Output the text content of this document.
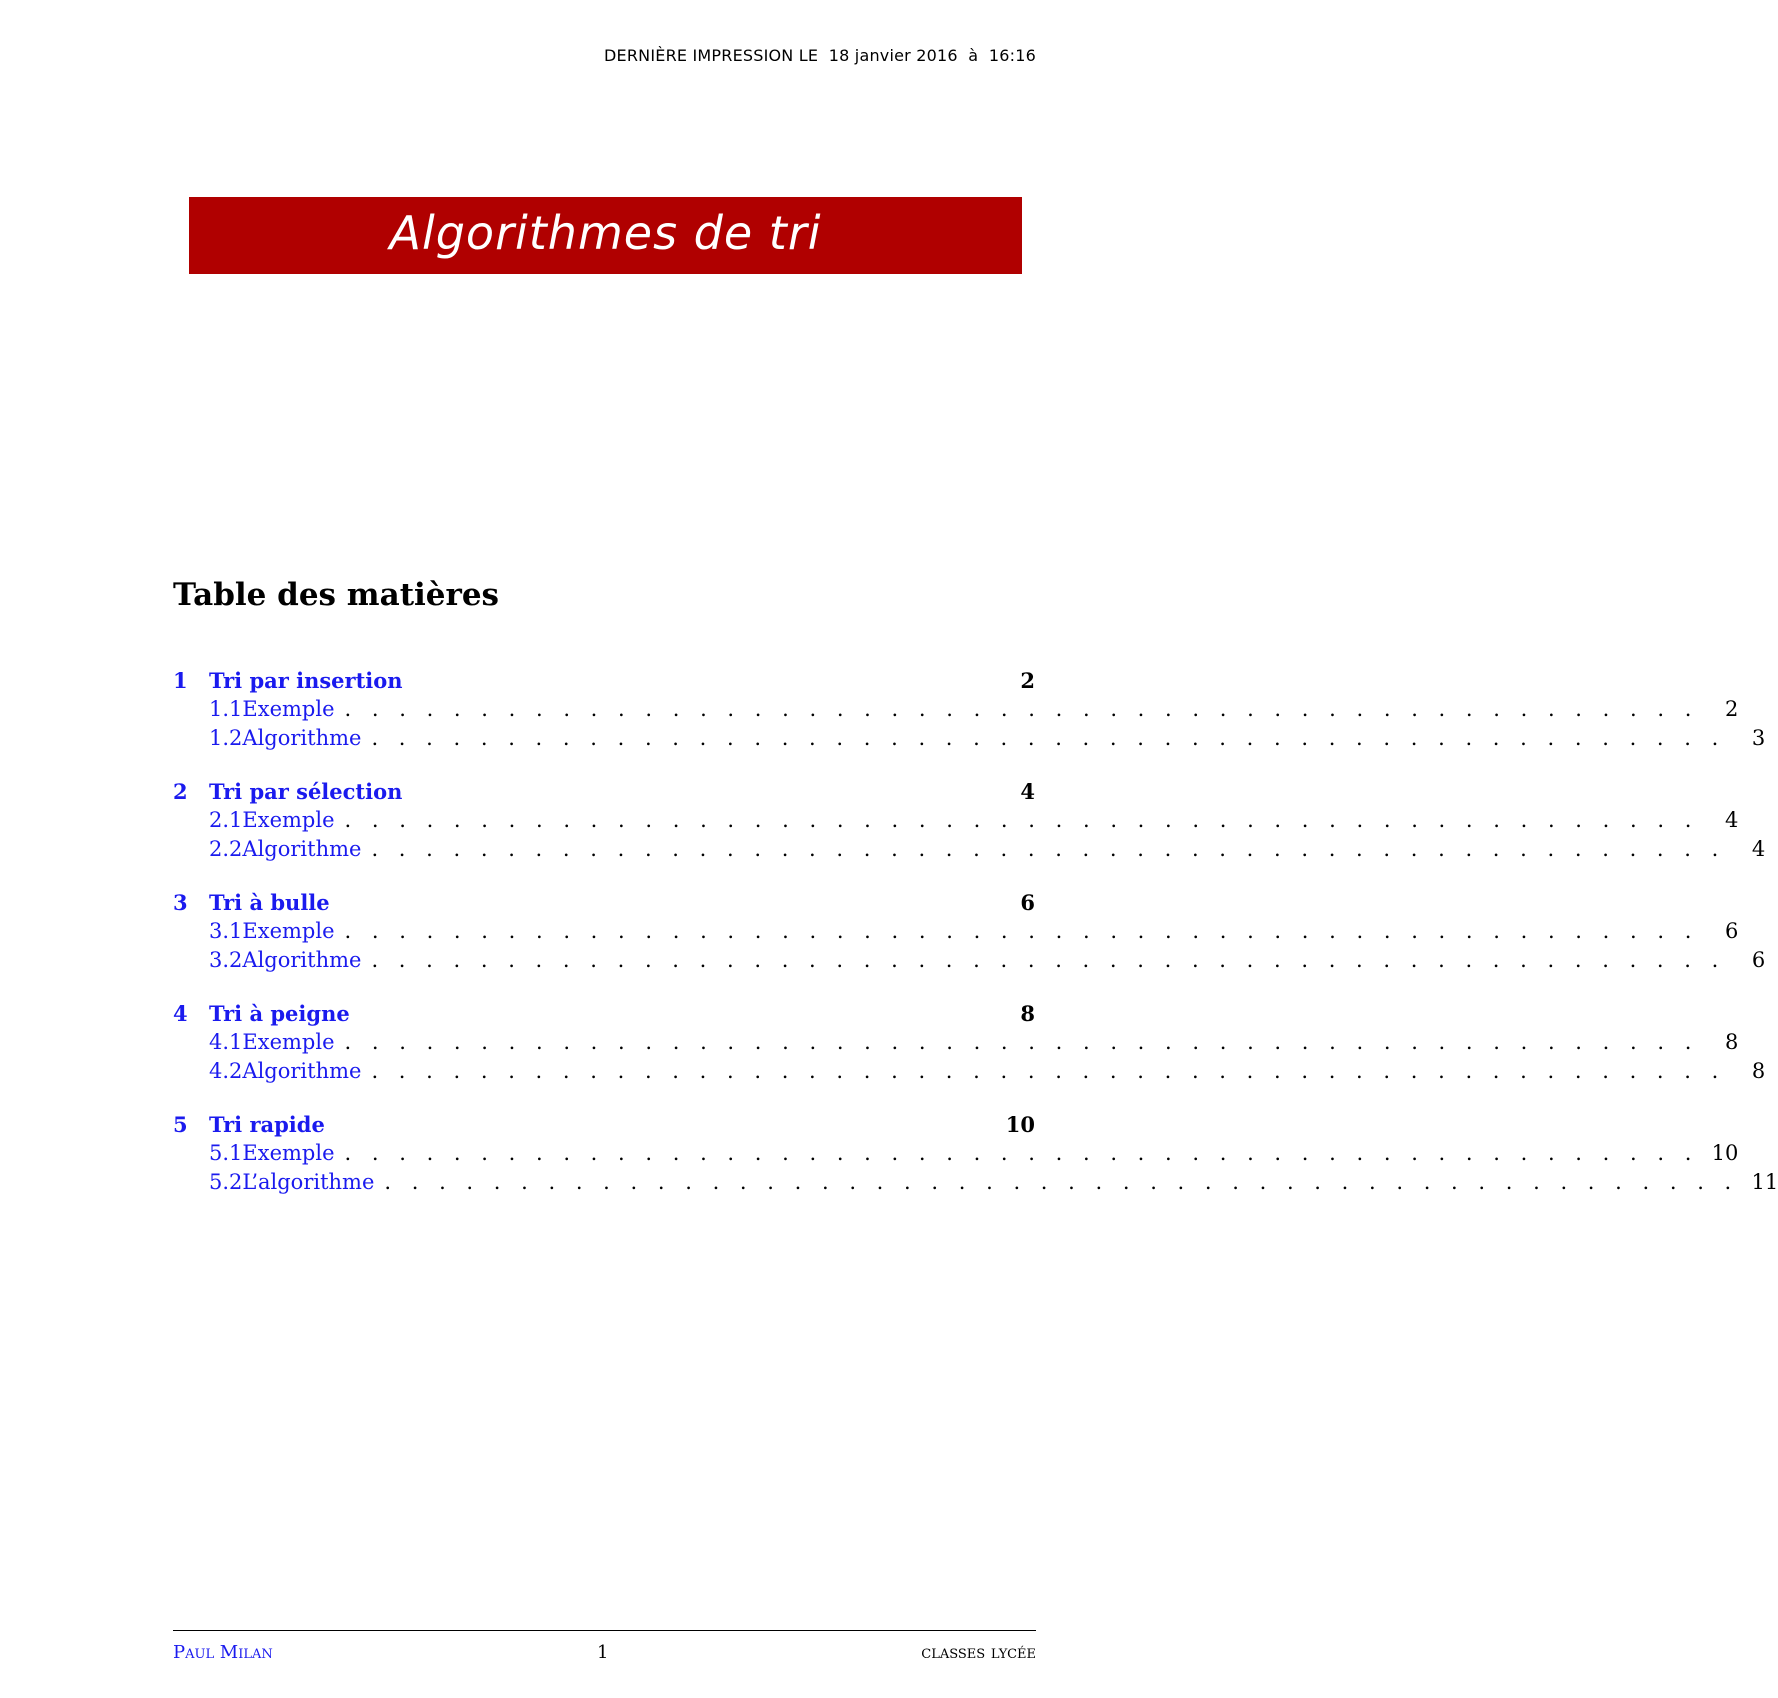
DERNIÈRE IMPRESSION LE  18 janvier 2016  à  16:16
Algorithmes de tri
Table des matières
1	Tri par insertion	2
1.1 Exemple . . . . . . . . . . . . . . . . . . . . . . . . . . . . . . . . . . . . . . . . . . . . . . . . . .	2
1.2 Algorithme . . . . . . . . . . . . . . . . . . . . . . . . . . . . . . . . . . . . . . . . . . . . . . . . . .	3
2	Tri par sélection	4
2.1 Exemple . . . . . . . . . . . . . . . . . . . . . . . . . . . . . . . . . . . . . . . . . . . . . . . . . .	4
2.2 Algorithme . . . . . . . . . . . . . . . . . . . . . . . . . . . . . . . . . . . . . . . . . . . . . . . . . .	4
3	Tri à bulle	6
3.1 Exemple . . . . . . . . . . . . . . . . . . . . . . . . . . . . . . . . . . . . . . . . . . . . . . . . . .	6
3.2 Algorithme . . . . . . . . . . . . . . . . . . . . . . . . . . . . . . . . . . . . . . . . . . . . . . . . . .	6
4	Tri à peigne	8
4.1 Exemple . . . . . . . . . . . . . . . . . . . . . . . . . . . . . . . . . . . . . . . . . . . . . . . . . .	8
4.2 Algorithme . . . . . . . . . . . . . . . . . . . . . . . . . . . . . . . . . . . . . . . . . . . . . . . . . .	8
5	Tri rapide	10
5.1 Exemple . . . . . . . . . . . . . . . . . . . . . . . . . . . . . . . . . . . . . . . . . . . . . . . . . . 10
5.2 L’algorithme . . . . . . . . . . . . . . . . . . . . . . . . . . . . . . . . . . . . . . . . . . . . . . . . . . 11
Paul Milan	1	classes lycée
